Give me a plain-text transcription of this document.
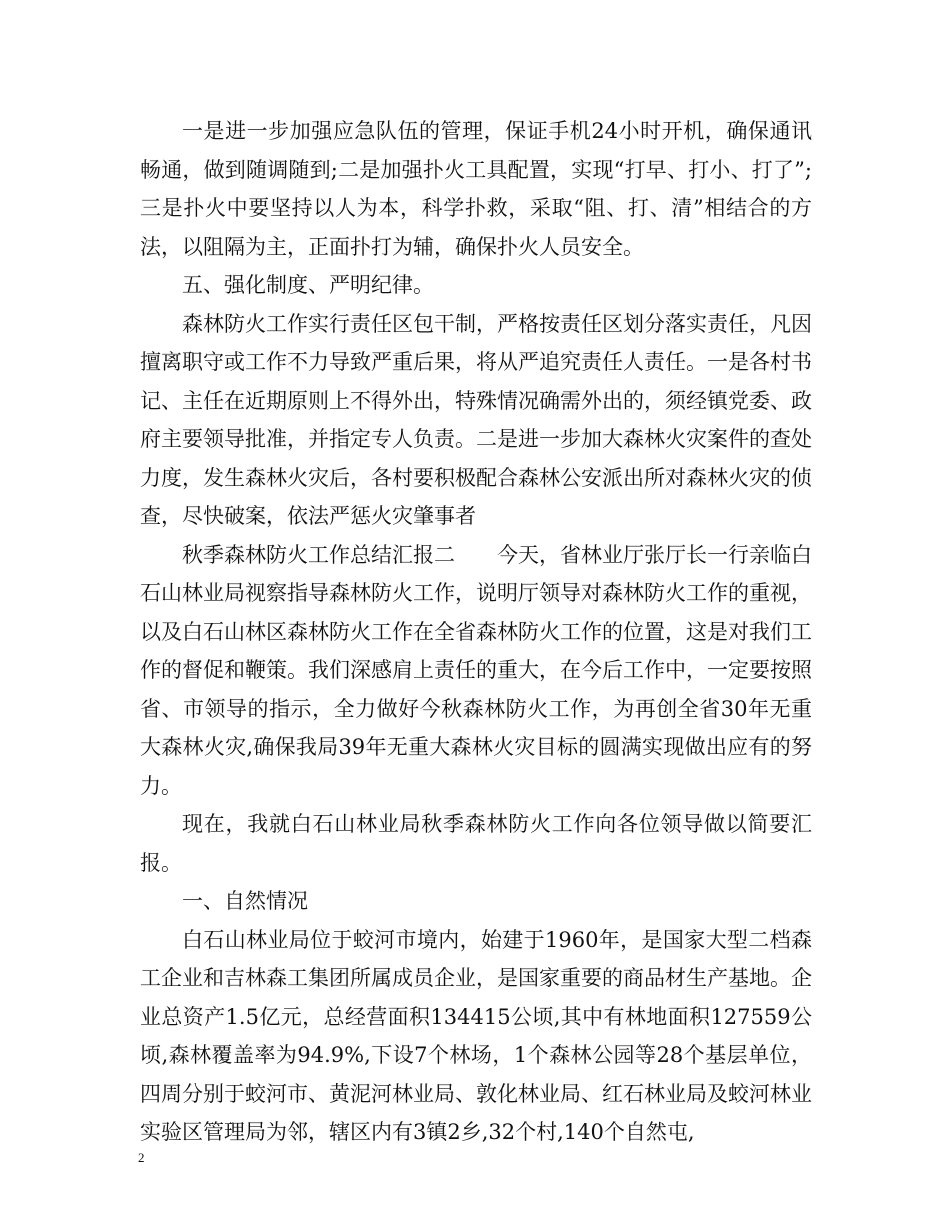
一是进一步加强应急队伍的管理，保证手机24小时开机，确保通讯畅通，做到随调随到;二是加强扑火工具配置，实现“打早、打小、打了”;三是扑火中要坚持以人为本，科学扑救，采取“阻、打、清”相结合的方法，以阻隔为主，正面扑打为辅，确保扑火人员安全。

五、强化制度、严明纪律。

森林防火工作实行责任区包干制，严格按责任区划分落实责任，凡因擅离职守或工作不力导致严重后果，将从严追究责任人责任。一是各村书记、主任在近期原则上不得外出，特殊情况确需外出的，须经镇党委、政府主要领导批准，并指定专人负责。二是进一步加大森林火灾案件的查处力度，发生森林火灾后，各村要积极配合森林公安派出所对森林火灾的侦查，尽快破案，依法严惩火灾肇事者

秋季森林防火工作总结汇报二　　今天，省林业厅张厅长一行亲临白石山林业局视察指导森林防火工作，说明厅领导对森林防火工作的重视，以及白石山林区森林防火工作在全省森林防火工作的位置，这是对我们工作的督促和鞭策。我们深感肩上责任的重大，在今后工作中，一定要按照省、市领导的指示，全力做好今秋森林防火工作，为再创全省30年无重大森林火灾,确保我局39年无重大森林火灾目标的圆满实现做出应有的努力。

现在，我就白石山林业局秋季森林防火工作向各位领导做以简要汇报。

一、自然情况

白石山林业局位于蛟河市境内，始建于1960年，是国家大型二档森工企业和吉林森工集团所属成员企业，是国家重要的商品材生产基地。企业总资产1.5亿元，总经营面积134415公顷,其中有林地面积127559公顷,森林覆盖率为94.9%,下设7个林场，1个森林公园等28个基层单位，四周分别于蛟河市、黄泥河林业局、敦化林业局、红石林业局及蛟河林业实验区管理局为邻，辖区内有3镇2乡,32个村,140个自然屯,

2
